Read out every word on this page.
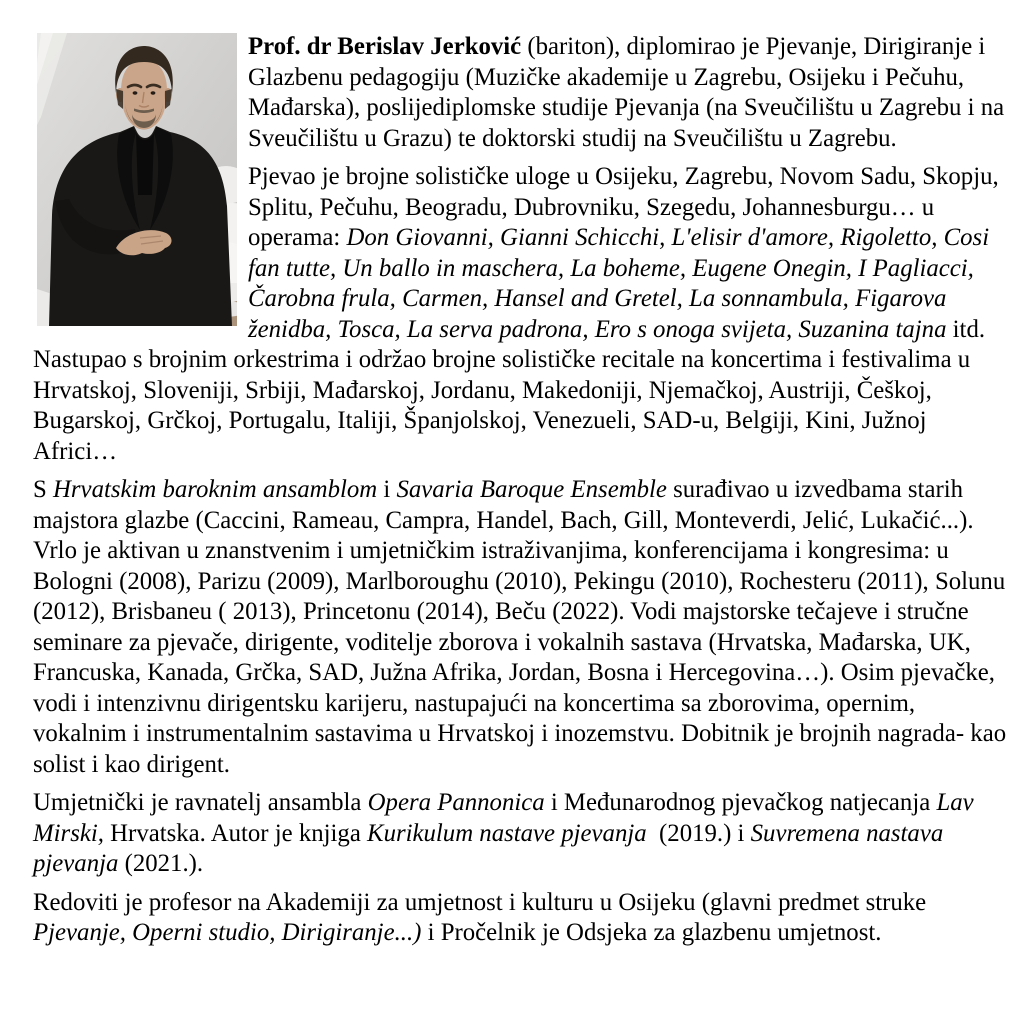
Prof. dr Berislav Jerković (bariton), diplomirao je Pjevanje, Dirigiranje i Glazbenu pedagogiju (Muzičke akademije u Zagrebu, Osijeku i Pečuhu, Mađarska), poslijediplomske studije Pjevanja (na Sveučilištu u Zagrebu i na Sveučilištu u Grazu) te doktorski studij na Sveučilištu u Zagrebu.

Pjevao je brojne solističke uloge u Osijeku, Zagrebu, Novom Sadu, Skopju, Splitu, Pečuhu, Beogradu, Dubrovniku, Szegedu, Johannesburgu… u  operama: Don Giovanni, Gianni Schicchi, L'elisir d'amore, Rigoletto, Cosi fan tutte, Un ballo in maschera, La boheme, Eugene Onegin, I Pagliacci, Čarobna frula, Carmen, Hansel and Gretel, La sonnambula, Figarova ženidba, Tosca, La serva padrona, Ero s onoga svijeta, Suzanina tajna itd. Nastupao s brojnim orkestrima i održao brojne solističke recitale na koncertima i festivalima u Hrvatskoj, Sloveniji, Srbiji, Mađarskoj, Jordanu, Makedoniji, Njemačkoj, Austriji, Češkoj, Bugarskoj, Grčkoj, Portugalu, Italiji, Španjolskoj, Venezueli, SAD-u, Belgiji, Kini, Južnoj Africi…

S Hrvatskim baroknim ansamblom i Savaria Baroque Ensemble surađivao u izvedbama starih majstora glazbe (Caccini, Rameau, Campra, Handel, Bach, Gill, Monteverdi, Jelić, Lukačić...).  Vrlo je aktivan u znanstvenim i umjetničkim istraživanjima, konferencijama i kongresima: u Bologni (2008), Parizu (2009), Marlboroughu (2010), Pekingu (2010), Rochesteru (2011), Solunu (2012), Brisbaneu ( 2013), Princetonu (2014), Beču (2022). Vodi majstorske tečajeve i stručne seminare za pjevače, dirigente, voditelje zborova i vokalnih sastava (Hrvatska, Mađarska, UK, Francuska, Kanada, Grčka, SAD, Južna Afrika, Jordan, Bosna i Hercegovina…). Osim pjevačke, vodi i intenzivnu dirigentsku karijeru, nastupajući na koncertima sa zborovima, opernim, vokalnim i instrumentalnim sastavima u Hrvatskoj i inozemstvu. Dobitnik je brojnih nagrada- kao solist i kao dirigent.

Umjetnički je ravnatelj ansambla Opera Pannonica i Međunarodnog pjevačkog natjecanja Lav Mirski, Hrvatska. Autor je knjiga Kurikulum nastave pjevanja  (2019.) i Suvremena nastava pjevanja (2021.).

Redoviti je profesor na Akademiji za umjetnost i kulturu u Osijeku (glavni predmet struke Pjevanje, Operni studio, Dirigiranje...) i Pročelnik je Odsjeka za glazbenu umjetnost.
